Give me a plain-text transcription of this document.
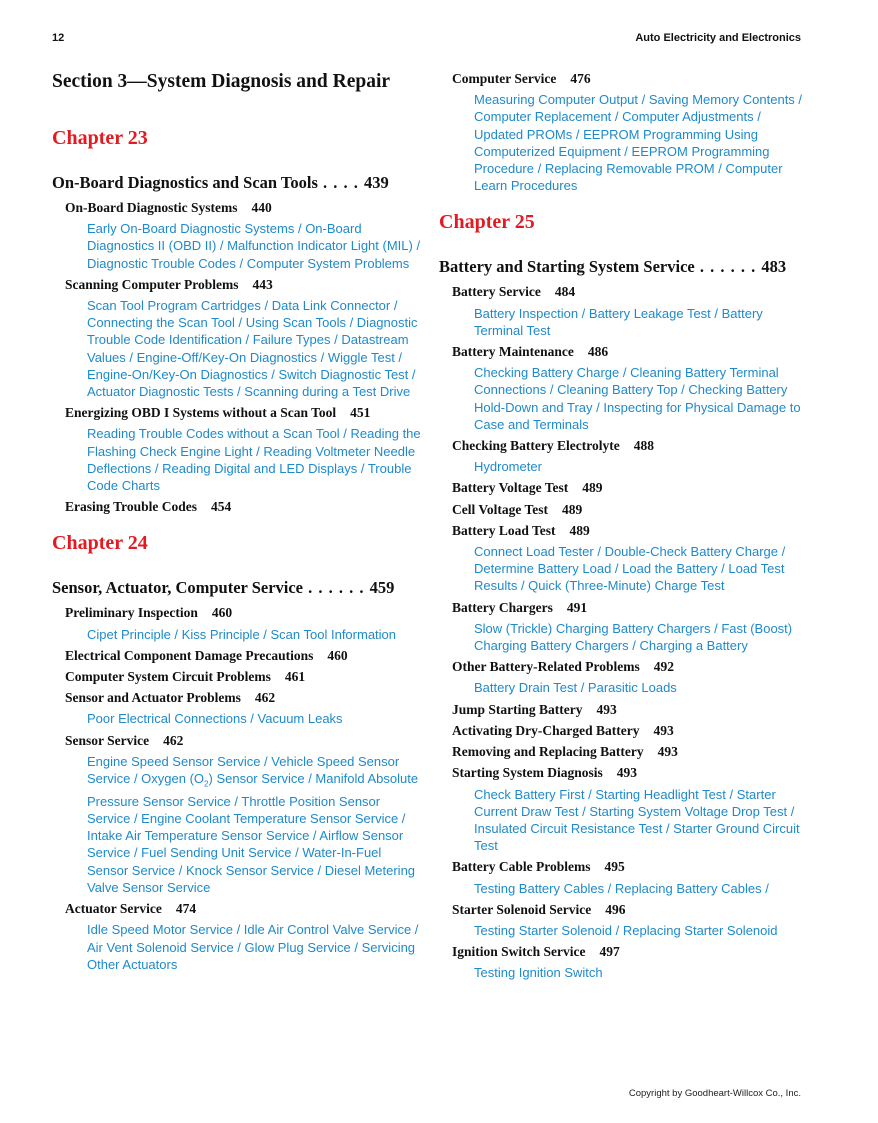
12	Auto Electricity and Electronics
Section 3—System Diagnosis and Repair
Chapter 23
On-Board Diagnostics and Scan Tools . . . . 439
On-Board Diagnostic Systems 440
Early On-Board Diagnostic Systems / On-Board Diagnostics II (OBD II) / Malfunction Indicator Light (MIL) / Diagnostic Trouble Codes / Computer System Problems
Scanning Computer Problems 443
Scan Tool Program Cartridges / Data Link Connector / Connecting the Scan Tool / Using Scan Tools / Diagnostic Trouble Code Identification / Failure Types / Datastream Values / Engine-Off/Key-On Diagnostics / Wiggle Test / Engine-On/Key-On Diagnostics / Switch Diagnostic Test / Actuator Diagnostic Tests / Scanning during a Test Drive
Energizing OBD I Systems without a Scan Tool 451
Reading Trouble Codes without a Scan Tool / Reading the Flashing Check Engine Light / Reading Voltmeter Needle Deflections / Reading Digital and LED Displays / Trouble Code Charts
Erasing Trouble Codes 454
Chapter 24
Sensor, Actuator, Computer Service . . . . . . 459
Preliminary Inspection 460
Cipet Principle / Kiss Principle / Scan Tool Information
Electrical Component Damage Precautions 460
Computer System Circuit Problems 461
Sensor and Actuator Problems 462
Poor Electrical Connections / Vacuum Leaks
Sensor Service 462
Engine Speed Sensor Service / Vehicle Speed Sensor Service / Oxygen $(O_2)$ Sensor Service / Manifold Absolute Pressure Sensor Service / Throttle Position Sensor Service / Engine Coolant Temperature Sensor Service / Intake Air Temperature Sensor Service / Airflow Sensor Service / Fuel Sending Unit Service / Water-In-Fuel Sensor Service / Knock Sensor Service / Diesel Metering Valve Sensor Service
Actuator Service 474
Idle Speed Motor Service / Idle Air Control Valve Service / Air Vent Solenoid Service / Glow Plug Service / Servicing Other Actuators
Computer Service 476
Measuring Computer Output / Saving Memory Contents / Computer Replacement / Computer Adjustments / Updated PROMs / EEPROM Programming Using Computerized Equipment / EEPROM Programming Procedure / Replacing Removable PROM / Computer Learn Procedures
Chapter 25
Battery and Starting System Service . . . . . . 483
Battery Service 484
Battery Inspection / Battery Leakage Test / Battery Terminal Test
Battery Maintenance 486
Checking Battery Charge / Cleaning Battery Terminal Connections / Cleaning Battery Top / Checking Battery Hold-Down and Tray / Inspecting for Physical Damage to Case and Terminals
Checking Battery Electrolyte 488
Hydrometer
Battery Voltage Test 489
Cell Voltage Test 489
Battery Load Test 489
Connect Load Tester / Double-Check Battery Charge / Determine Battery Load / Load the Battery / Load Test Results / Quick (Three-Minute) Charge Test
Battery Chargers 491
Slow (Trickle) Charging Battery Chargers / Fast (Boost) Charging Battery Chargers / Charging a Battery
Other Battery-Related Problems 492
Battery Drain Test / Parasitic Loads
Jump Starting Battery 493
Activating Dry-Charged Battery 493
Removing and Replacing Battery 493
Starting System Diagnosis 493
Check Battery First / Starting Headlight Test / Starter Current Draw Test / Starting System Voltage Drop Test / Insulated Circuit Resistance Test / Starter Ground Circuit Test
Battery Cable Problems 495
Testing Battery Cables / Replacing Battery Cables /
Starter Solenoid Service 496
Testing Starter Solenoid / Replacing Starter Solenoid
Ignition Switch Service 497
Testing Ignition Switch
Copyright by Goodheart-Willcox Co., Inc.
